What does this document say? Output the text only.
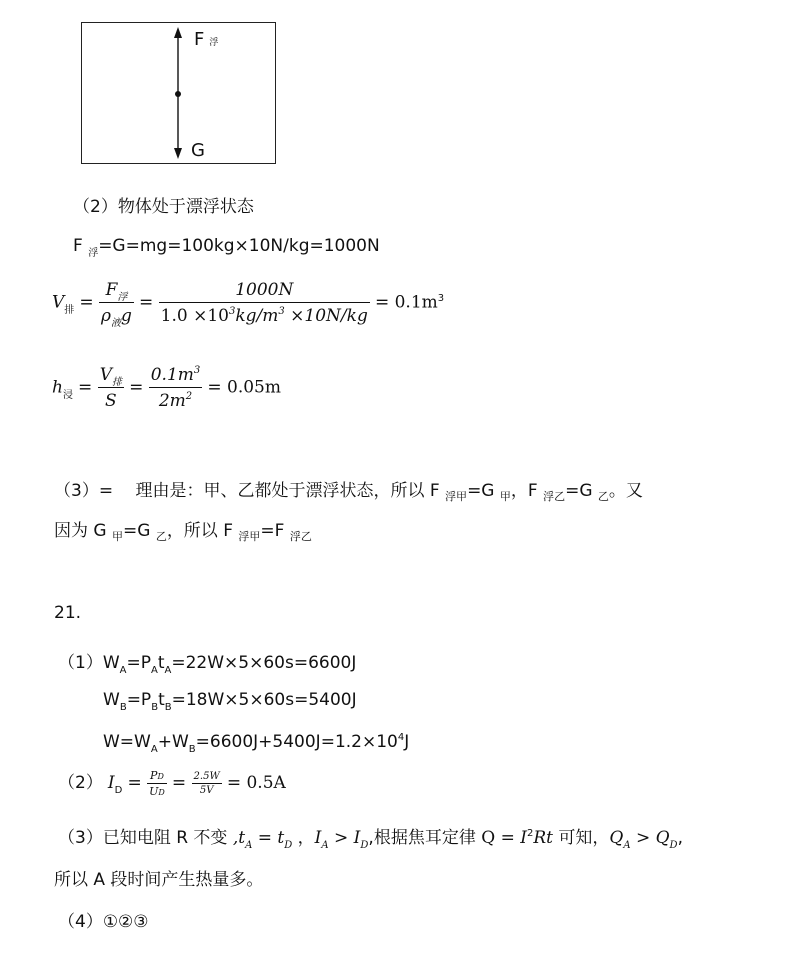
F浮
G
（2）物体处于漂浮状态
F $_浮$=G=mg=100kg×10N/kg=1000N
$V_排 = \frac{F_浮}{\rho_液g} = \frac{1000N}{1.0 \times 10^3kg/m^3 \times 10N/kg} = 0.1m^3$
$h_浸 = \frac{V_排}{S} = \frac{0.1m^3}{2m^2} = 0.05m$
（3）=　 理由是：甲、乙都处于漂浮状态，所以 F $_{浮甲}$=G $_甲$，F $_{浮乙}$=G $_乙$。又
因为 G $_甲$=G $_乙$，所以 F $_{浮甲}$=F $_{浮乙}$
21.
$(1)W_A=P_At_A=22W\times 5\times 60s=6600J$
$W_B=P_Bt_B=18W\times 5\times 60s=5400J$
$W=W_A+W_B=6600J+5400J=1.2\times 10^4J$
（2） $I_D = \frac{PD}{UD} = \frac{2.5W}{5V} = 0.5A$
（3）已知电阻 R 不变 $,t_A = t_D$ ，$I_A > I_D$,根据焦耳定律 $Q = I^2Rt$ 可知，$Q_A > Q_D$,
所以 A 段时间产生热量多。
（4）①②③
